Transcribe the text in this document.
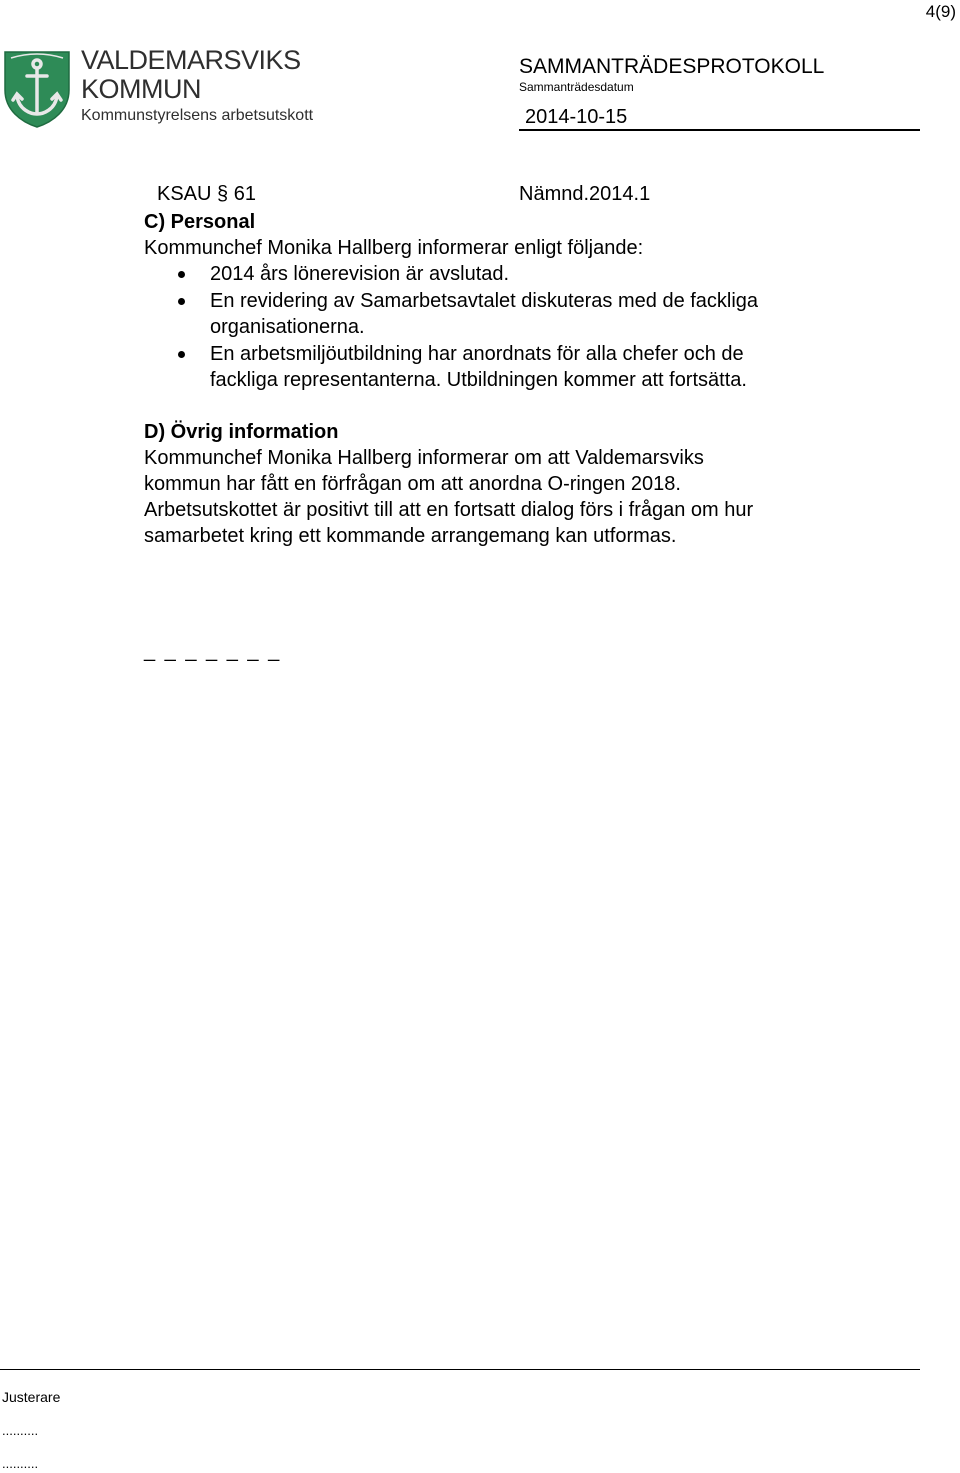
4(9)
VALDEMARSVIKS
KOMMUN
Kommunstyrelsens arbetsutskott
SAMMANTRÄDESPROTOKOLL
Sammanträdesdatum
2014-10-15
KSAU § 61	Nämnd.2014.1
C) Personal
Kommunchef Monika Hallberg informerar enligt följande:
2014 års lönerevision är avslutad.
En revidering av Samarbetsavtalet diskuteras med de fackliga
organisationerna.
En arbetsmiljöutbildning har anordnats för alla chefer och de
fackliga representanterna. Utbildningen kommer att fortsätta.
D) Övrig information
Kommunchef Monika Hallberg informerar om att Valdemarsviks
kommun har fått en förfrågan om att anordna O-ringen 2018.
Arbetsutskottet är positivt till att en fortsatt dialog förs i frågan om hur
samarbetet kring ett kommande arrangemang kan utformas.
_ _ _ _ _ _ _
Justerare
..........
..........
